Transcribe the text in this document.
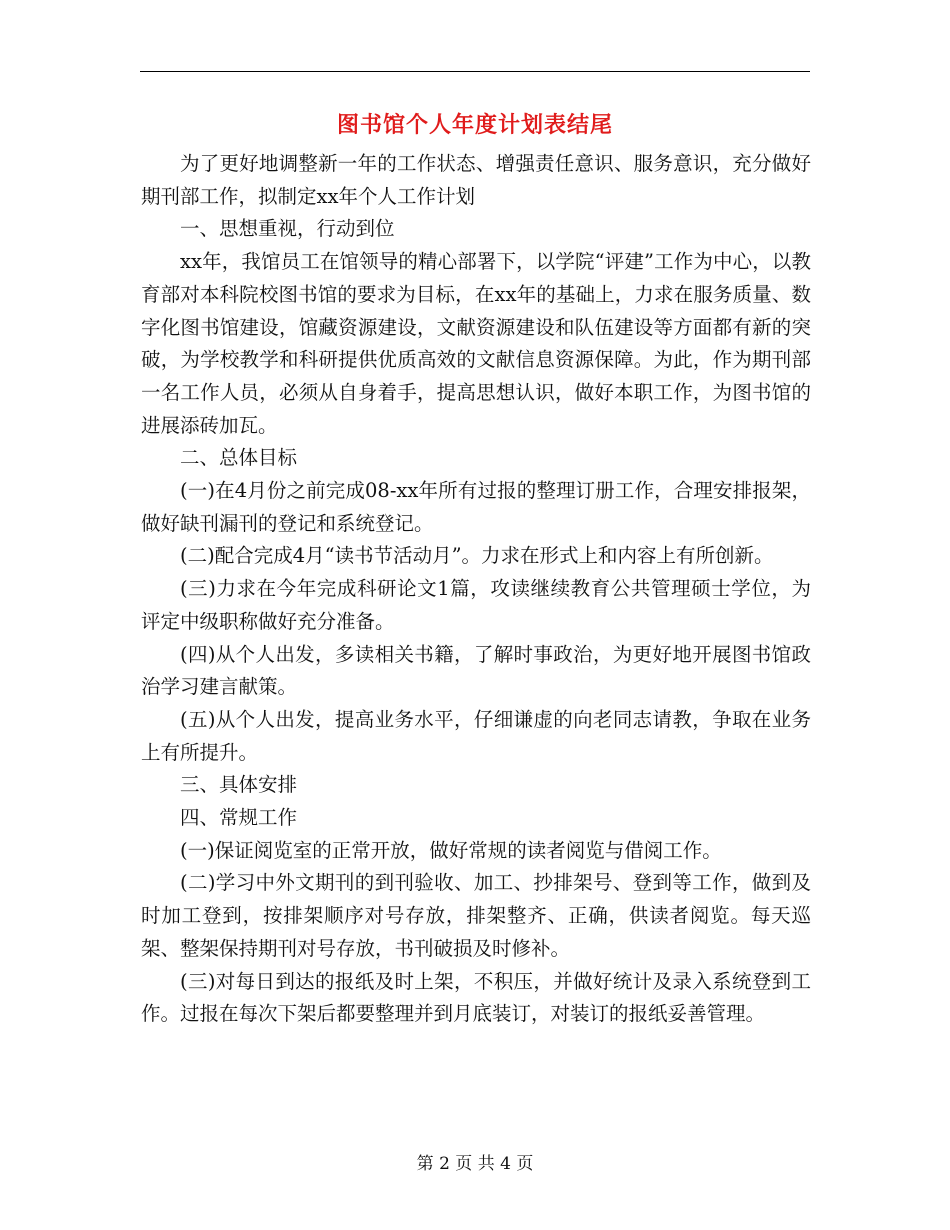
图书馆个人年度计划表结尾

为了更好地调整新一年的工作状态、增强责任意识、服务意识，充分做好期刊部工作，拟制定xx年个人工作计划

一、思想重视，行动到位

xx年，我馆员工在馆领导的精心部署下，以学院“评建”工作为中心，以教育部对本科院校图书馆的要求为目标，在xx年的基础上，力求在服务质量、数字化图书馆建设，馆藏资源建设，文献资源建设和队伍建设等方面都有新的突破，为学校教学和科研提供优质高效的文献信息资源保障。为此，作为期刊部一名工作人员，必须从自身着手，提高思想认识，做好本职工作，为图书馆的进展添砖加瓦。

二、总体目标

(一)在4月份之前完成08-xx年所有过报的整理订册工作，合理安排报架，做好缺刊漏刊的登记和系统登记。

(二)配合完成4月“读书节活动月”。力求在形式上和内容上有所创新。

(三)力求在今年完成科研论文1篇，攻读继续教育公共管理硕士学位，为评定中级职称做好充分准备。

(四)从个人出发，多读相关书籍，了解时事政治，为更好地开展图书馆政治学习建言献策。

(五)从个人出发，提高业务水平，仔细谦虚的向老同志请教，争取在业务上有所提升。

三、具体安排

四、常规工作

(一)保证阅览室的正常开放，做好常规的读者阅览与借阅工作。

(二)学习中外文期刊的到刊验收、加工、抄排架号、登到等工作，做到及时加工登到，按排架顺序对号存放，排架整齐、正确，供读者阅览。每天巡架、整架保持期刊对号存放，书刊破损及时修补。

(三)对每日到达的报纸及时上架，不积压，并做好统计及录入系统登到工作。过报在每次下架后都要整理并到月底装订，对装订的报纸妥善管理。

第 2 页 共 4 页
